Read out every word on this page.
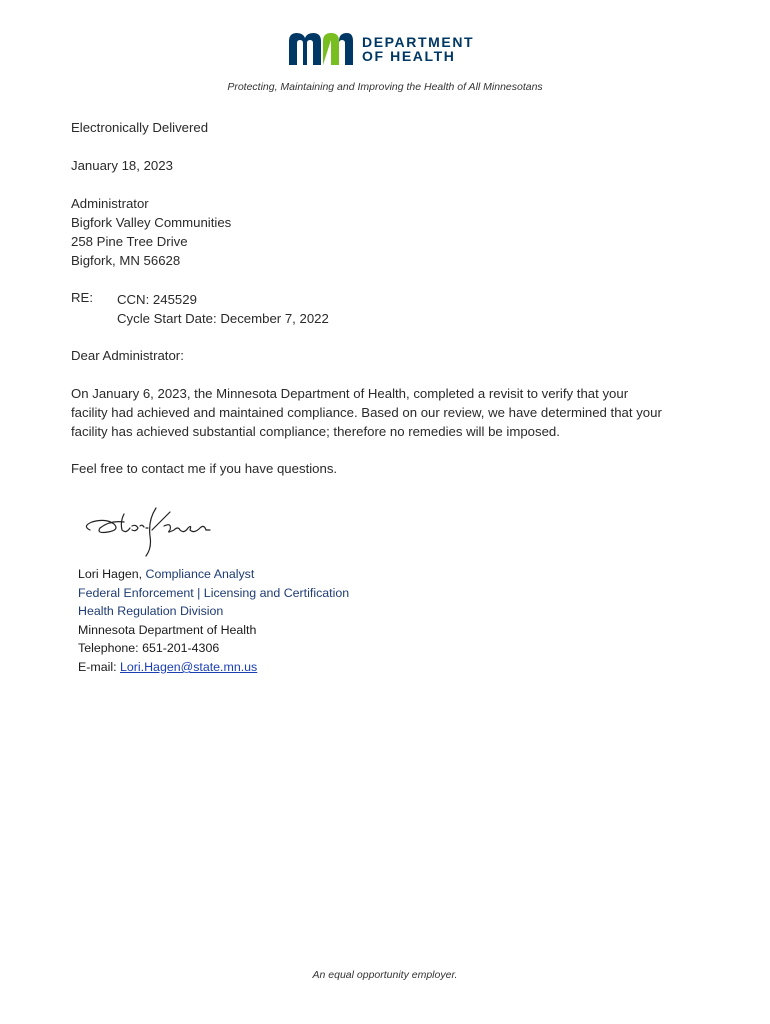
DEPARTMENT
OF HEALTH
Protecting, Maintaining and Improving the Health of All Minnesotans
Electronically Delivered
January 18, 2023
Administrator
Bigfork Valley Communities
258 Pine Tree Drive
Bigfork, MN 56628
RE: CCN: 245529
Cycle Start Date: December 7, 2022
Dear Administrator:
On January 6, 2023, the Minnesota Department of Health, completed a revisit to verify that your
facility had achieved and maintained compliance. Based on our review, we have determined that your
facility has achieved substantial compliance; therefore no remedies will be imposed.
Feel free to contact me if you have questions.
Lori Hagen, Compliance Analyst
Federal Enforcement | Licensing and Certification
Health Regulation Division
Minnesota Department of Health
Telephone: 651-201-4306
E-mail: Lori.Hagen@state.mn.us
An equal opportunity employer.
